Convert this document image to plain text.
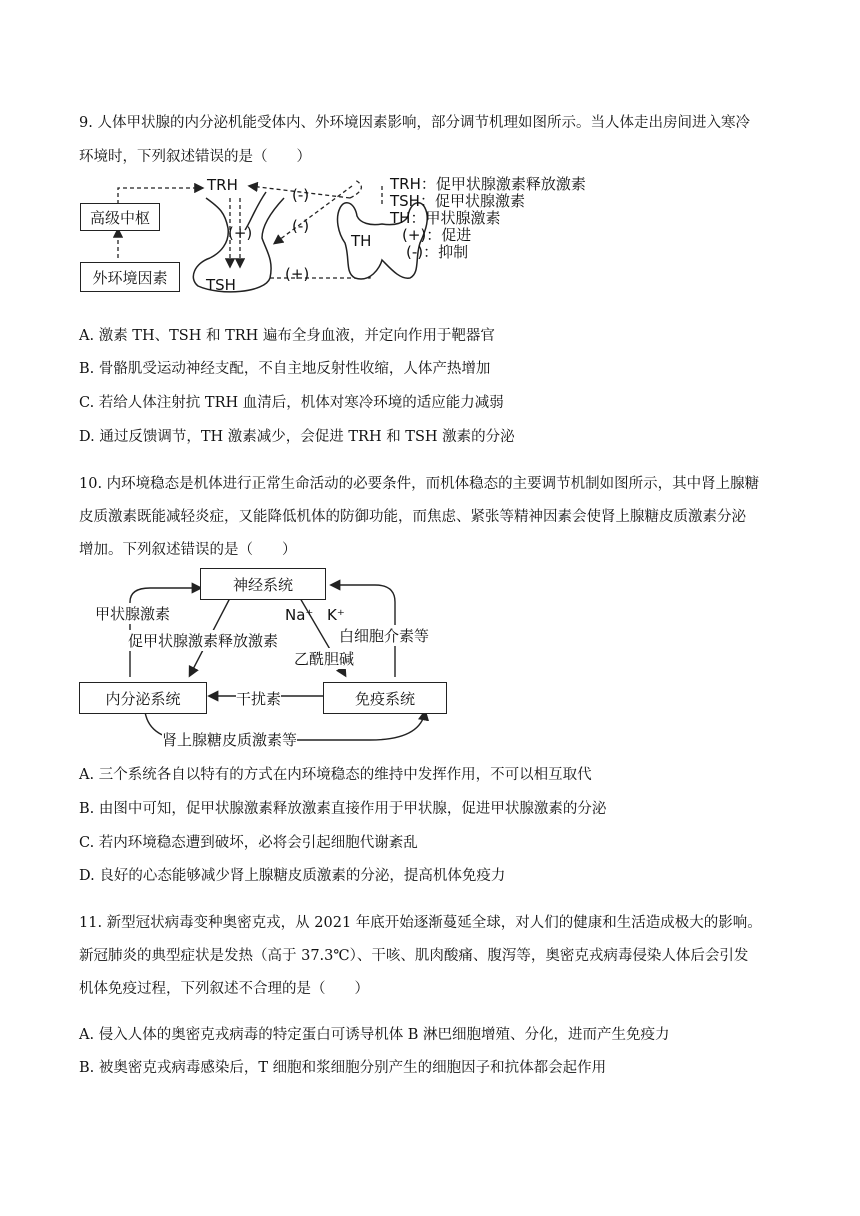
9. 人体甲状腺的内分泌机能受体内、外环境因素影响，部分调节机理如图所示。当人体走出房间进入寒冷
环境时，下列叙述错误的是（　　）
高级中枢
外环境因素
TRH
TSH
TH
(-)
(-)
(+)
(+)
TRH：促甲状腺激素释放激素
TSH：促甲状腺激素
TH：甲状腺激素
(+)：促进
(-)：抑制
A. 激素 TH、TSH 和 TRH 遍布全身血液，并定向作用于靶器官
B. 骨骼肌受运动神经支配，不自主地反射性收缩，人体产热增加
C. 若给人体注射抗 TRH 血清后，机体对寒冷环境的适应能力减弱
D. 通过反馈调节，TH 激素减少，会促进 TRH 和 TSH 激素的分泌
10. 内环境稳态是机体进行正常生命活动的必要条件，而机体稳态的主要调节机制如图所示，其中肾上腺糖
皮质激素既能减轻炎症，又能降低机体的防御功能，而焦虑、紧张等精神因素会使肾上腺糖皮质激素分泌
增加。下列叙述错误的是（　　）
神经系统
内分泌系统	免疫系统
甲状腺激素
促甲状腺激素释放激素
Na⁺ K⁺
白细胞介素等
乙酰胆碱
干扰素
肾上腺糖皮质激素等
A. 三个系统各自以特有的方式在内环境稳态的维持中发挥作用，不可以相互取代
B. 由图中可知，促甲状腺激素释放激素直接作用于甲状腺，促进甲状腺激素的分泌
C. 若内环境稳态遭到破坏，必将会引起细胞代谢紊乱
D. 良好的心态能够减少肾上腺糖皮质激素的分泌，提高机体免疫力
11. 新型冠状病毒变种奥密克戎，从 2021 年底开始逐渐蔓延全球，对人们的健康和生活造成极大的影响。
新冠肺炎的典型症状是发热（高于 37.3℃）、干咳、肌肉酸痛、腹泻等，奥密克戎病毒侵染人体后会引发
机体免疫过程，下列叙述不合理的是（　　）
A. 侵入人体的奥密克戎病毒的特定蛋白可诱导机体 B 淋巴细胞增殖、分化，进而产生免疫力
B. 被奥密克戎病毒感染后，T 细胞和浆细胞分别产生的细胞因子和抗体都会起作用
